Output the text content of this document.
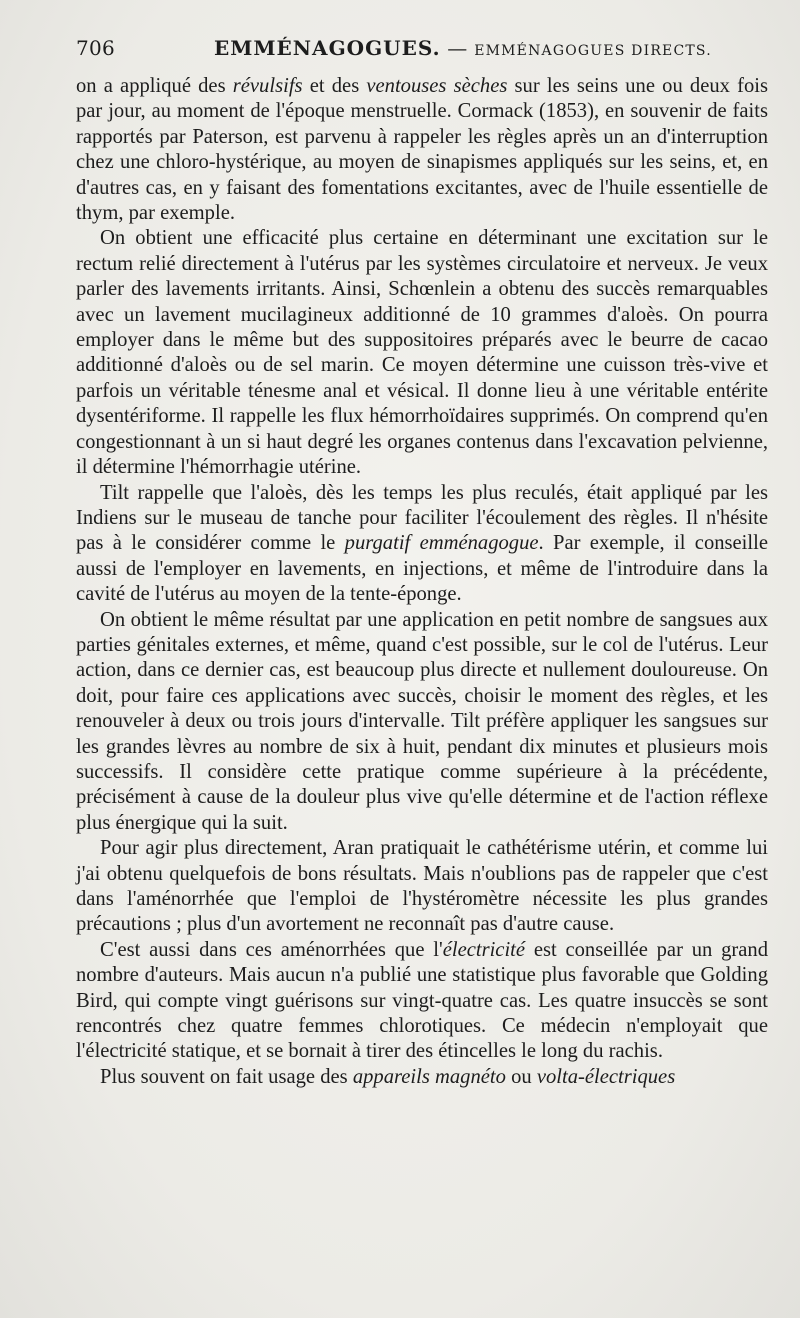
706	EMMÉNAGOGUES. — EMMÉNAGOGUES DIRECTS.

on a appliqué des révulsifs et des ventouses sèches sur les seins une ou deux fois par jour, au moment de l'époque menstruelle. Cormack (1853), en souvenir de faits rapportés par Paterson, est parvenu à rappeler les règles après un an d'interruption chez une chloro-hystérique, au moyen de sinapismes appliqués sur les seins, et, en d'autres cas, en y faisant des fomentations excitantes, avec de l'huile essentielle de thym, par exemple.

On obtient une efficacité plus certaine en déterminant une excitation sur le rectum relié directement à l'utérus par les systèmes circulatoire et nerveux. Je veux parler des lavements irritants. Ainsi, Schœnlein a obtenu des succès remarquables avec un lavement mucilagineux additionné de 10 grammes d'aloès. On pourra employer dans le même but des suppositoires préparés avec le beurre de cacao additionné d'aloès ou de sel marin. Ce moyen détermine une cuisson très-vive et parfois un véritable ténesme anal et vésical. Il donne lieu à une véritable entérite dysentériforme. Il rappelle les flux hémorrhoïdaires supprimés. On comprend qu'en congestionnant à un si haut degré les organes contenus dans l'excavation pelvienne, il détermine l'hémorrhagie utérine.

Tilt rappelle que l'aloès, dès les temps les plus reculés, était appliqué par les Indiens sur le museau de tanche pour faciliter l'écoulement des règles. Il n'hésite pas à le considérer comme le purgatif emménagogue. Par exemple, il conseille aussi de l'employer en lavements, en injections, et même de l'introduire dans la cavité de l'utérus au moyen de la tente-éponge.

On obtient le même résultat par une application en petit nombre de sangsues aux parties génitales externes, et même, quand c'est possible, sur le col de l'utérus. Leur action, dans ce dernier cas, est beaucoup plus directe et nullement douloureuse. On doit, pour faire ces applications avec succès, choisir le moment des règles, et les renouveler à deux ou trois jours d'intervalle. Tilt préfère appliquer les sangsues sur les grandes lèvres au nombre de six à huit, pendant dix minutes et plusieurs mois successifs. Il considère cette pratique comme supérieure à la précédente, précisément à cause de la douleur plus vive qu'elle détermine et de l'action réflexe plus énergique qui la suit.

Pour agir plus directement, Aran pratiquait le cathétérisme utérin, et comme lui j'ai obtenu quelquefois de bons résultats. Mais n'oublions pas de rappeler que c'est dans l'aménorrhée que l'emploi de l'hystéromètre nécessite les plus grandes précautions ; plus d'un avortement ne reconnaît pas d'autre cause.

C'est aussi dans ces aménorrhées que l'électricité est conseillée par un grand nombre d'auteurs. Mais aucun n'a publié une statistique plus favorable que Golding Bird, qui compte vingt guérisons sur vingt-quatre cas. Les quatre insuccès se sont rencontrés chez quatre femmes chlorotiques. Ce médecin n'employait que l'électricité statique, et se bornait à tirer des étincelles le long du rachis.

Plus souvent on fait usage des appareils magnéto ou volta-électriques
